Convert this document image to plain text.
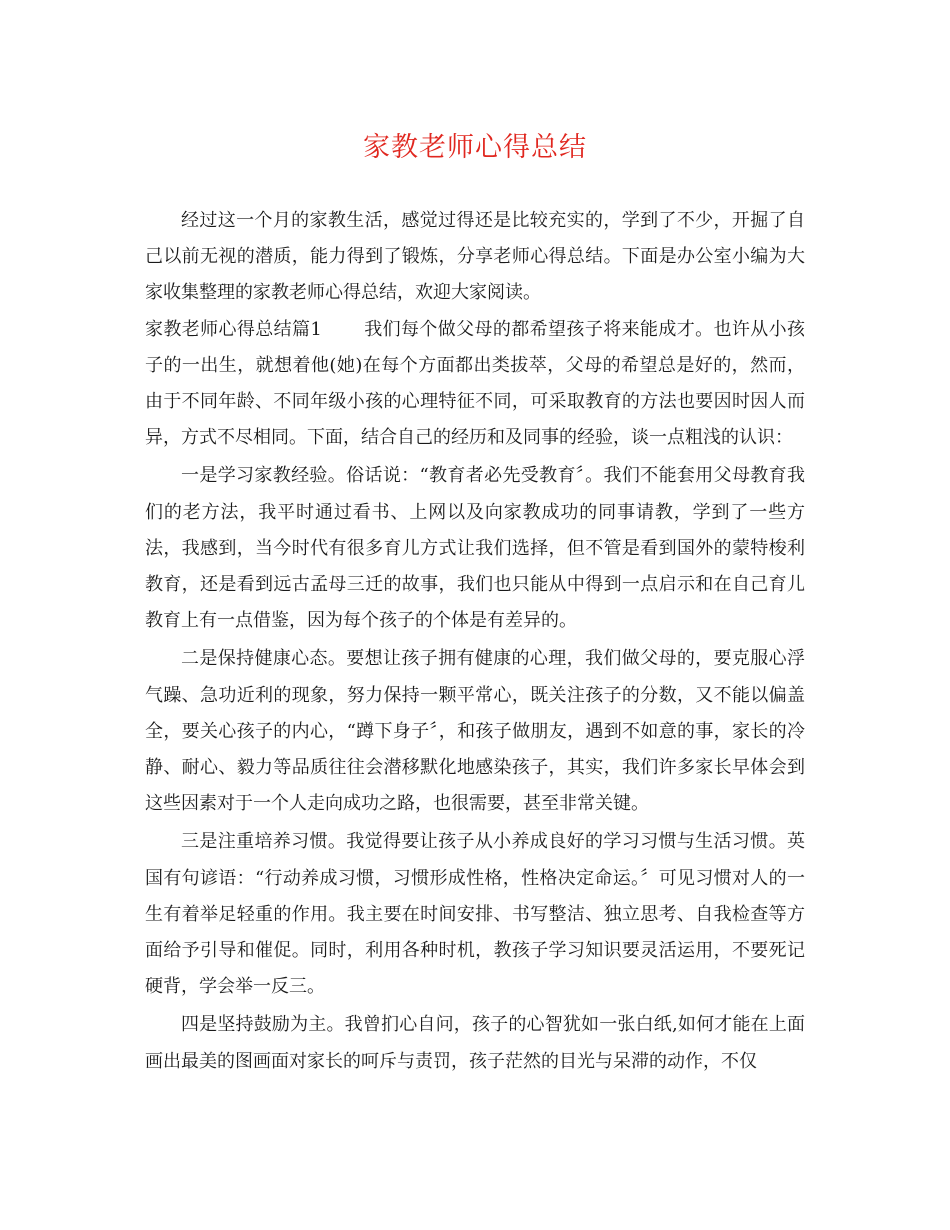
家教老师心得总结

经过这一个月的家教生活，感觉过得还是比较充实的，学到了不少，开掘了自己以前无视的潜质，能力得到了锻炼，分享老师心得总结。下面是办公室小编为大家收集整理的家教老师心得总结，欢迎大家阅读。

家教老师心得总结篇1 我们每个做父母的都希望孩子将来能成才。也许从小孩子的一出生，就想着他(她)在每个方面都出类拔萃，父母的希望总是好的，然而，由于不同年龄、不同年级小孩的心理特征不同，可采取教育的方法也要因时因人而异，方式不尽相同。下面，结合自己的经历和及同事的经验，谈一点粗浅的认识：

一是学习家教经验。俗话说：“教育者必先受教育〞。我们不能套用父母教育我们的老方法，我平时通过看书、上网以及向家教成功的同事请教，学到了一些方法，我感到，当今时代有很多育儿方式让我们选择，但不管是看到国外的蒙特梭利教育，还是看到远古孟母三迁的故事，我们也只能从中得到一点启示和在自己育儿教育上有一点借鉴，因为每个孩子的个体是有差异的。

二是保持健康心态。要想让孩子拥有健康的心理，我们做父母的，要克服心浮气躁、急功近利的现象，努力保持一颗平常心，既关注孩子的分数，又不能以偏盖全，要关心孩子的内心，“蹲下身子〞，和孩子做朋友，遇到不如意的事，家长的冷静、耐心、毅力等品质往往会潜移默化地感染孩子，其实，我们许多家长早体会到这些因素对于一个人走向成功之路，也很需要，甚至非常关键。

三是注重培养习惯。我觉得要让孩子从小养成良好的学习习惯与生活习惯。英国有句谚语：“行动养成习惯，习惯形成性格，性格决定命运。〞可见习惯对人的一生有着举足轻重的作用。我主要在时间安排、书写整洁、独立思考、自我检查等方面给予引导和催促。同时，利用各种时机，教孩子学习知识要灵活运用，不要死记硬背，学会举一反三。

四是坚持鼓励为主。我曾扪心自问，孩子的心智犹如一张白纸,如何才能在上面画出最美的图画面对家长的呵斥与责罚，孩子茫然的目光与呆滞的动作，不仅
